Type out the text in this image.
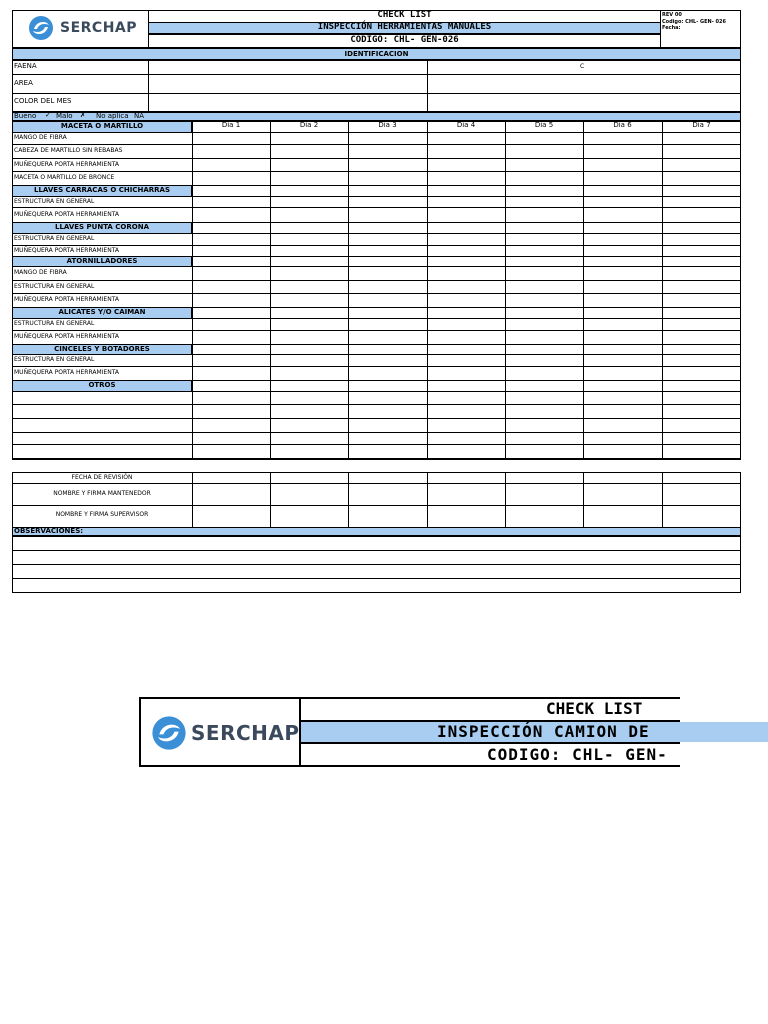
SERCHAP
CHECK LIST
INSPECCIÓN HERRAMIENTAS MANUALES
CODIGO: CHL- GEN-026
REV 00
Codigo: CHL- GEN- 026
Fecha:
IDENTIFICACION
FAENA	C
AREA
COLOR DEL MES
Bueno ✓ Malo ✗ No aplica NA
MACETA O MARTILLO	Dia 1	Dia 2	Dia 3	Dia 4	Dia 5	Dia 6	Dia 7
MANGO DE FIBRA
CABEZA DE MARTILLO SIN REBABAS
MUÑEQUERA PORTA HERRAMIENTA
MACETA O MARTILLO DE BRONCE
LLAVES CARRACAS O CHICHARRAS
ESTRUCTURA EN GENERAL
MUÑEQUERA PORTA HERRAMIENTA
LLAVES PUNTA CORONA
ESTRUCTURA EN GENERAL
MUÑEQUERA PORTA HERRAMIENTA
ATORNILLADORES
MANGO DE FIBRA
ESTRUCTURA EN GENERAL
MUÑEQUERA PORTA HERRAMIENTA
ALICATES Y/O CAIMAN
ESTRUCTURA EN GENERAL
MUÑEQUERA PORTA HERRAMIENTA
CINCELES Y BOTADORES
ESTRUCTURA EN GENERAL
MUÑEQUERA PORTA HERRAMIENTA
OTROS
FECHA DE REVISIÓN
NOMBRE Y FIRMA MANTENEDOR
NOMBRE Y FIRMA SUPERVISOR
OBSERVACIONES:
SERCHAP
CHECK LIST
INSPECCIÓN CAMION DE
CODIGO: CHL- GEN-
